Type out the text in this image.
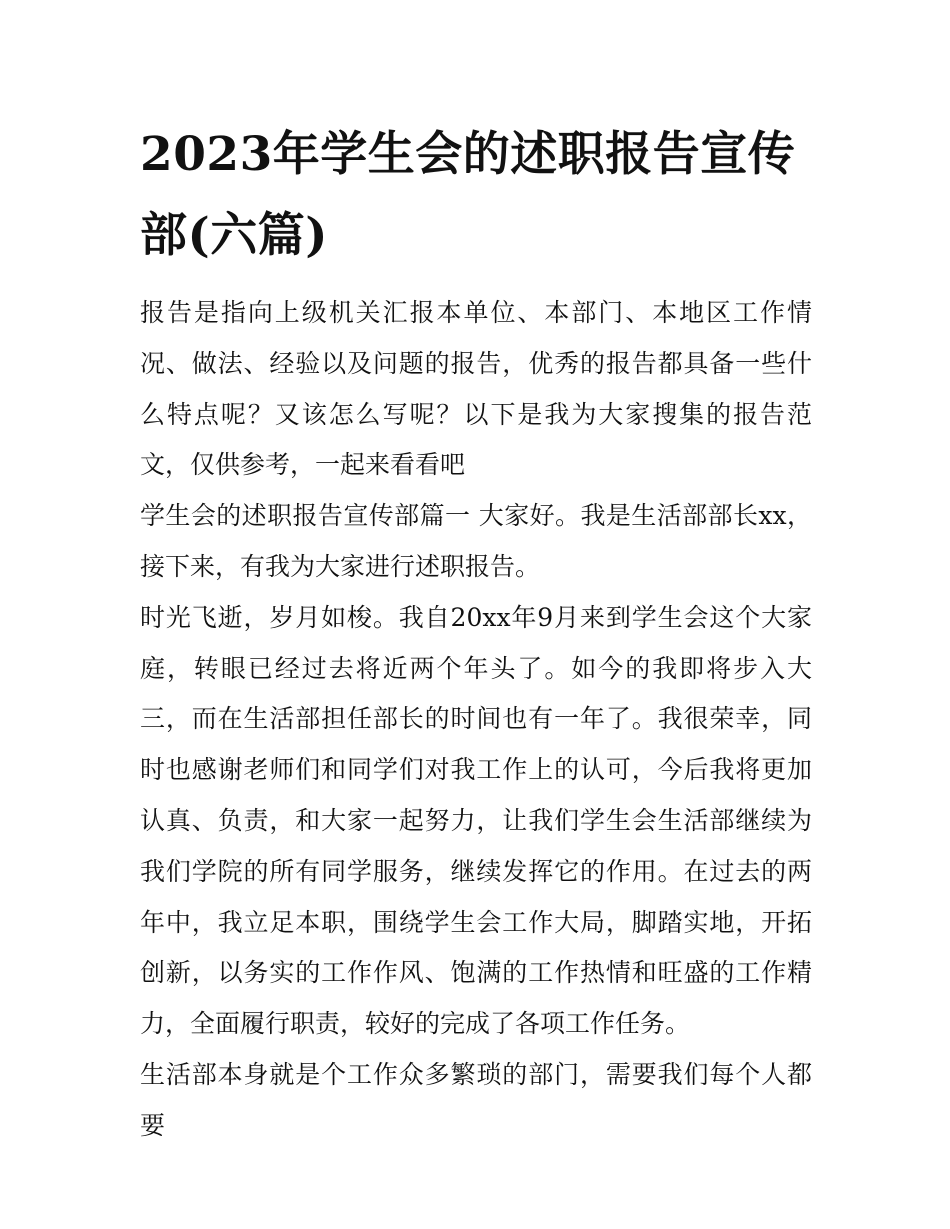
2023年学生会的述职报告宣传部(六篇)

报告是指向上级机关汇报本单位、本部门、本地区工作情况、做法、经验以及问题的报告，优秀的报告都具备一些什么特点呢？又该怎么写呢？以下是我为大家搜集的报告范文，仅供参考，一起来看看吧

学生会的述职报告宣传部篇一 大家好。我是生活部部长xx，接下来，有我为大家进行述职报告。

时光飞逝，岁月如梭。我自20xx年9月来到学生会这个大家庭，转眼已经过去将近两个年头了。如今的我即将步入大三，而在生活部担任部长的时间也有一年了。我很荣幸，同时也感谢老师们和同学们对我工作上的认可，今后我将更加认真、负责，和大家一起努力，让我们学生会生活部继续为我们学院的所有同学服务，继续发挥它的作用。在过去的两年中，我立足本职，围绕学生会工作大局，脚踏实地，开拓创新，以务实的工作作风、饱满的工作热情和旺盛的工作精力，全面履行职责，较好的完成了各项工作任务。

生活部本身就是个工作众多繁琐的部门，需要我们每个人都要
